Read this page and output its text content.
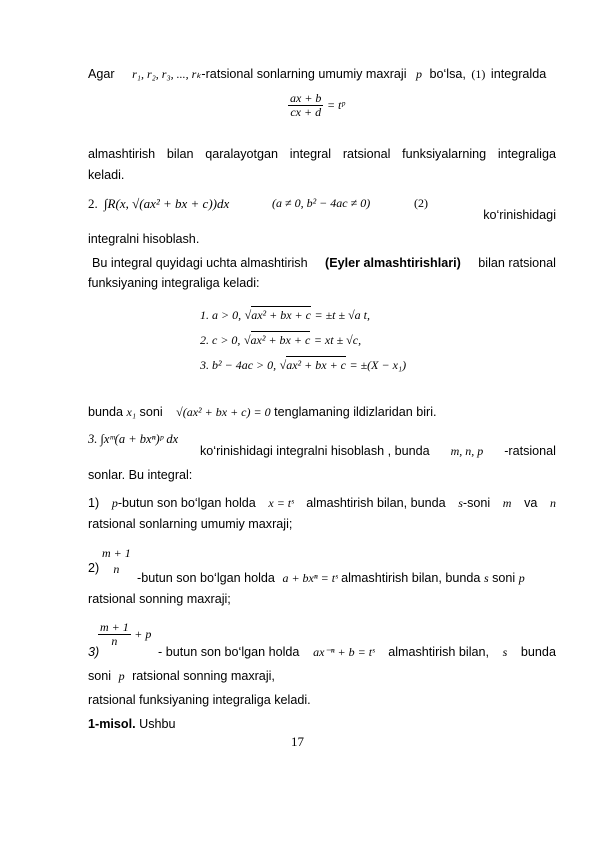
Agar r₁, r₂, r₃, ..., rₖ-ratsional sonlarning umumiy maxraji p bo‘lsa, (1) integralda
$\frac{ax + b}{cx + d}$ = tᵖ
almashtirish bilan qaralayotgan integral ratsional funksiyalarning integraliga
keladi.
2. ∫R(x, √(ax² + bx + c))dx	(a ≠ 0, b² − 4ac ≠ 0)	(2)
ko‘rinishidagi
integralni hisoblash.
Bu integral quyidagi uchta almashtirish (Eyler almashtirishlari) bilan ratsional
funksiyaning integraliga keladi:
1. a > 0, √ax² + bx + c = ±t ± √a t,
2. c > 0, √ax² + bx + c = xt ± √c,
3. b² − 4ac > 0, √ax² + bx + c = ±(X − x₁)
bunda x₁ soni √(ax² + bx + c) = 0 tenglamaning ildizlaridan biri.
3. ∫xᵐ(a + bxⁿ)ᵖ dx
ko‘rinishidagi integralni hisoblash , bunda m, n, p -ratsional
sonlar. Bu integral:
1) p-butun son bo‘lgan holda x = tˢ almashtirish bilan, bunda s-soni m va n
ratsional sonlarning umumiy maxraji;
2)
m + 1
n
-butun son bo‘lgan holda a + bxⁿ = tˢ almashtirish bilan, bunda s soni p
ratsional sonning maxraji;
3)
$\frac{m + 1}{n} + p$
- butun son bo‘lgan holda ax⁻ⁿ + b = tˢ almashtirish bilan, s bunda
soni p ratsional sonning maxraji,
ratsional funksiyaning integraliga keladi.
1-misol. Ushbu
17
